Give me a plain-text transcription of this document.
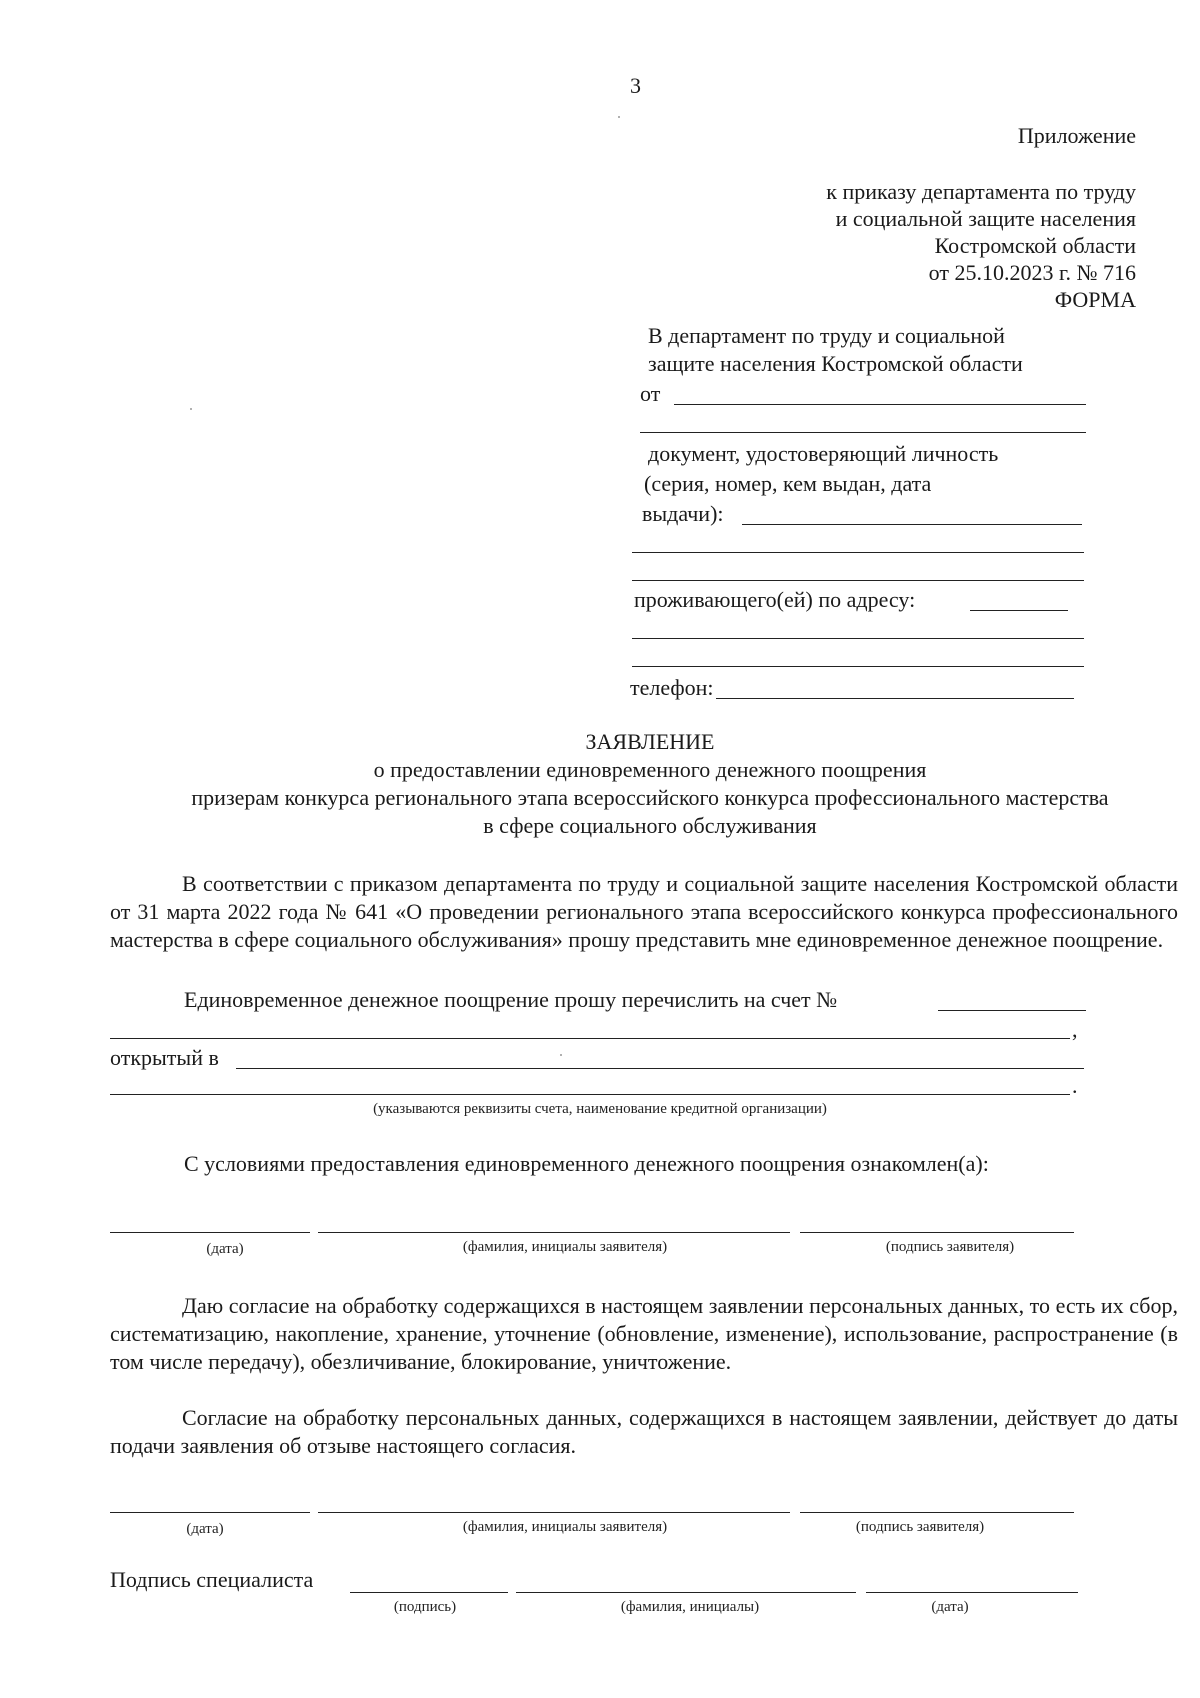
3
Приложение
к приказу департамента по труду
и социальной защите населения
Костромской области
от 25.10.2023 г. № 716
ФОРМА
В департамент по труду и социальной
защите населения Костромской области
от
документ, удостоверяющий личность
(серия, номер, кем выдан, дата
выдачи):
проживающего(ей) по адресу:
телефон:
ЗАЯВЛЕНИЕ
о предоставлении единовременного денежного поощрения
призерам конкурса регионального этапа всероссийского конкурса профессионального мастерства
в сфере социального обслуживания
В соответствии с приказом департамента по труду и социальной защите населения Костромской области от 31 марта 2022 года № 641 «О проведении регионального этапа всероссийского конкурса профессионального мастерства в сфере социального обслуживания» прошу представить мне единовременное денежное поощрение.
Единовременное денежное поощрение прошу перечислить на счет №
,
открытый в
.
(указываются реквизиты счета, наименование кредитной организации)
С условиями предоставления единовременного денежного поощрения ознакомлен(а):
(дата)	(фамилия, инициалы заявителя)	(подпись заявителя)
Даю согласие на обработку содержащихся в настоящем заявлении персональных данных, то есть их сбор, систематизацию, накопление, хранение, уточнение (обновление, изменение), использование, распространение (в том числе передачу), обезличивание, блокирование, уничтожение.
Согласие на обработку персональных данных, содержащихся в настоящем заявлении, действует до даты подачи заявления об отзыве настоящего согласия.
(дата)	(фамилия, инициалы заявителя)	(подпись заявителя)
Подпись специалиста
(подпись)	(фамилия, инициалы)	(дата)
